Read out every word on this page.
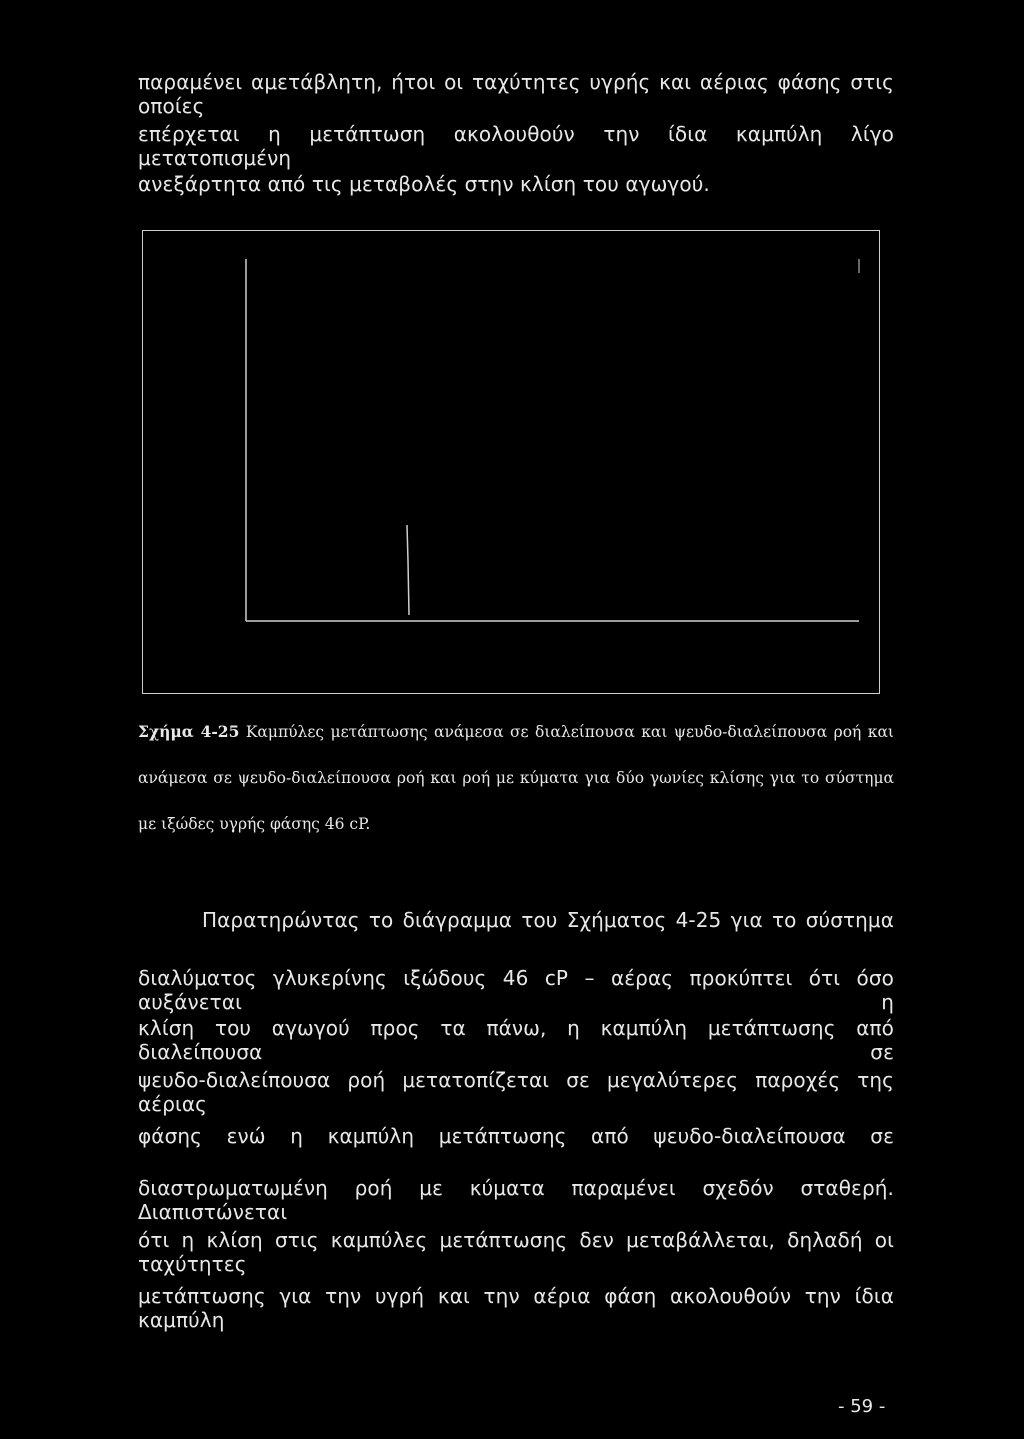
παραμένει αμετάβλητη, ήτοι οι ταχύτητες υγρής και αέριας φάσης στις οποίες
επέρχεται η μετάπτωση ακολουθούν την ίδια καμπύλη λίγο μετατοπισμένη
ανεξάρτητα από τις μεταβολές στην κλίση του αγωγού.
Σχήμα 4-25 Καμπύλες μετάπτωσης ανάμεσα σε διαλείπουσα και ψευδο-διαλείπουσα ροή και
ανάμεσα σε ψευδο-διαλείπουσα ροή και ροή με κύματα για δύο γωνίες κλίσης για το σύστημα
με ιξώδες υγρής φάσης 46 cP.
Παρατηρώντας το διάγραμμα του Σχήματος 4-25 για το σύστημα
διαλύματος γλυκερίνης ιξώδους 46 cP – αέρας προκύπτει ότι όσο αυξάνεται η
κλίση του αγωγού προς τα πάνω, η καμπύλη μετάπτωσης από διαλείπουσα σε
ψευδο-διαλείπουσα ροή μετατοπίζεται σε μεγαλύτερες παροχές της αέριας
φάσης ενώ η καμπύλη μετάπτωσης από ψευδο-διαλείπουσα σε
διαστρωματωμένη ροή με κύματα παραμένει σχεδόν σταθερή. Διαπιστώνεται
ότι η κλίση στις καμπύλες μετάπτωσης δεν μεταβάλλεται, δηλαδή οι ταχύτητες
μετάπτωσης για την υγρή και την αέρια φάση ακολουθούν την ίδια καμπύλη
- 59 -
